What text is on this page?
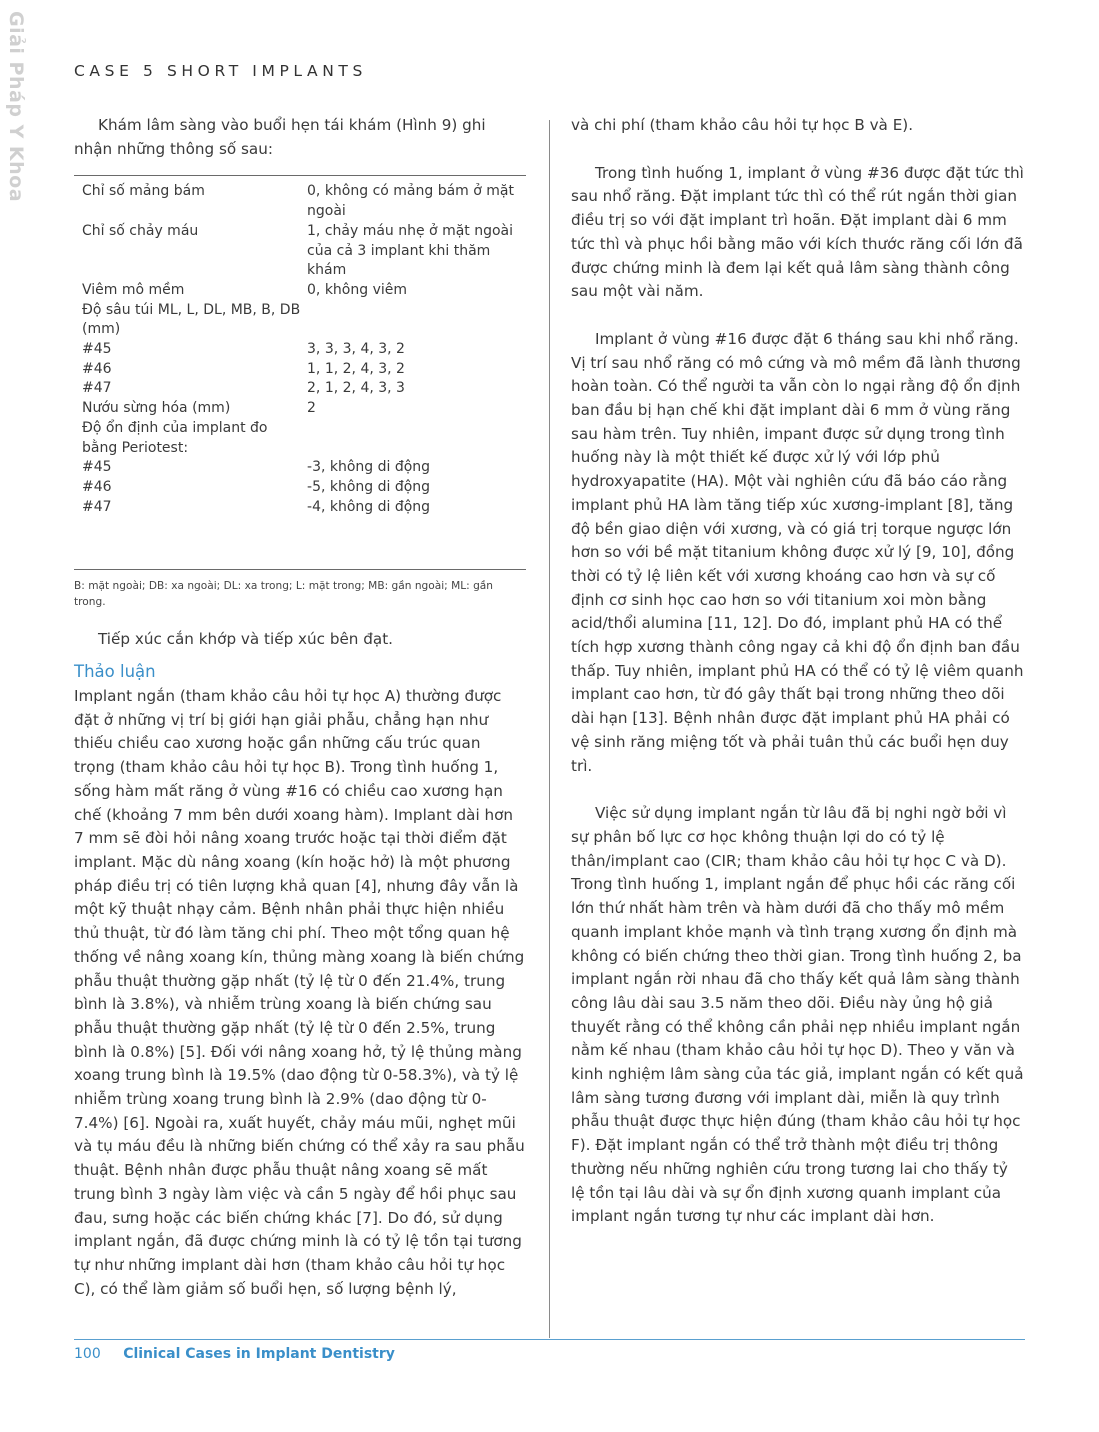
Giải Pháp Y Khoa	CASE 5 SHORT IMPLANTS

Khám lâm sàng vào buổi hẹn tái khám (Hình 9) ghi nhận những thông số sau:

Chỉ số mảng bám	0, không có mảng bám ở mặt ngoài
Chỉ số chảy máu	1, chảy máu nhẹ ở mặt ngoài của cả 3 implant khi thăm khám
Viêm mô mềm	0, không viêm
Độ sâu túi ML, L, DL, MB, B, DB (mm)	
#45	3, 3, 3, 4, 3, 2
#46	1, 1, 2, 4, 3, 2
#47	2, 1, 2, 4, 3, 3
Nướu sừng hóa (mm)	2
Độ ổn định của implant đo bằng Periotest:	
#45	-3, không di động
#46	-5, không di động
#47	-4, không di động
B: mặt ngoài; DB: xa ngoài; DL: xa trong; L: mặt trong; MB: gần ngoài; ML: gần trong.

Tiếp xúc cắn khớp và tiếp xúc bên đạt.

Thảo luận

Implant ngắn (tham khảo câu hỏi tự học A) thường được đặt ở những vị trí bị giới hạn giải phẫu, chẳng hạn như thiếu chiều cao xương hoặc gần những cấu trúc quan trọng (tham khảo câu hỏi tự học B). Trong tình huống 1, sống hàm mất răng ở vùng #16 có chiều cao xương hạn chế (khoảng 7 mm bên dưới xoang hàm). Implant dài hơn 7 mm sẽ đòi hỏi nâng xoang trước hoặc tại thời điểm đặt implant. Mặc dù nâng xoang (kín hoặc hở) là một phương pháp điều trị có tiên lượng khả quan [4], nhưng đây vẫn là một kỹ thuật nhạy cảm. Bệnh nhân phải thực hiện nhiều thủ thuật, từ đó làm tăng chi phí. Theo một tổng quan hệ thống về nâng xoang kín, thủng màng xoang là biến chứng phẫu thuật thường gặp nhất (tỷ lệ từ 0 đến 21.4%, trung bình là 3.8%), và nhiễm trùng xoang là biến chứng sau phẫu thuật thường gặp nhất (tỷ lệ từ 0 đến 2.5%, trung bình là 0.8%) [5]. Đối với nâng xoang hở, tỷ lệ thủng màng xoang trung bình là 19.5% (dao động từ 0-58.3%), và tỷ lệ nhiễm trùng xoang trung bình là 2.9% (dao động từ 0-7.4%) [6]. Ngoài ra, xuất huyết, chảy máu mũi, nghẹt mũi và tụ máu đều là những biến chứng có thể xảy ra sau phẫu thuật. Bệnh nhân được phẫu thuật nâng xoang sẽ mất trung bình 3 ngày làm việc và cần 5 ngày để hồi phục sau đau, sưng hoặc các biến chứng khác [7]. Do đó, sử dụng implant ngắn, đã được chứng minh là có tỷ lệ tồn tại tương tự như những implant dài hơn (tham khảo câu hỏi tự học C), có thể làm giảm số buổi hẹn, số lượng bệnh lý,

và chi phí (tham khảo câu hỏi tự học B và E).

Trong tình huống 1, implant ở vùng #36 được đặt tức thì sau nhổ răng. Đặt implant tức thì có thể rút ngắn thời gian điều trị so với đặt implant trì hoãn. Đặt implant dài 6 mm tức thì và phục hồi bằng mão với kích thước răng cối lớn đã được chứng minh là đem lại kết quả lâm sàng thành công sau một vài năm.

Implant ở vùng #16 được đặt 6 tháng sau khi nhổ răng. Vị trí sau nhổ răng có mô cứng và mô mềm đã lành thương hoàn toàn. Có thể người ta vẫn còn lo ngại rằng độ ổn định ban đầu bị hạn chế khi đặt implant dài 6 mm ở vùng răng sau hàm trên. Tuy nhiên, impant được sử dụng trong tình huống này là một thiết kế được xử lý với lớp phủ hydroxyapatite (HA). Một vài nghiên cứu đã báo cáo rằng implant phủ HA làm tăng tiếp xúc xương-implant [8], tăng độ bền giao diện với xương, và có giá trị torque ngược lớn hơn so với bề mặt titanium không được xử lý [9, 10], đồng thời có tỷ lệ liên kết với xương khoáng cao hơn và sự cố định cơ sinh học cao hơn so với titanium xoi mòn bằng acid/thổi alumina [11, 12]. Do đó, implant phủ HA có thể tích hợp xương thành công ngay cả khi độ ổn định ban đầu thấp. Tuy nhiên, implant phủ HA có thể có tỷ lệ viêm quanh implant cao hơn, từ đó gây thất bại trong những theo dõi dài hạn [13]. Bệnh nhân được đặt implant phủ HA phải có vệ sinh răng miệng tốt và phải tuân thủ các buổi hẹn duy trì.

Việc sử dụng implant ngắn từ lâu đã bị nghi ngờ bởi vì sự phân bố lực cơ học không thuận lợi do có tỷ lệ thân/implant cao (CIR; tham khảo câu hỏi tự học C và D). Trong tình huống 1, implant ngắn để phục hồi các răng cối lớn thứ nhất hàm trên và hàm dưới đã cho thấy mô mềm quanh implant khỏe mạnh và tình trạng xương ổn định mà không có biến chứng theo thời gian. Trong tình huống 2, ba implant ngắn rời nhau đã cho thấy kết quả lâm sàng thành công lâu dài sau 3.5 năm theo dõi. Điều này ủng hộ giả thuyết rằng có thể không cần phải nẹp nhiều implant ngắn nằm kế nhau (tham khảo câu hỏi tự học D). Theo y văn và kinh nghiệm lâm sàng của tác giả, implant ngắn có kết quả lâm sàng tương đương với implant dài, miễn là quy trình phẫu thuật được thực hiện đúng (tham khảo câu hỏi tự học F). Đặt implant ngắn có thể trở thành một điều trị thông thường nếu những nghiên cứu trong tương lai cho thấy tỷ lệ tồn tại lâu dài và sự ổn định xương quanh implant của implant ngắn tương tự như các implant dài hơn.

100 Clinical Cases in Implant Dentistry
